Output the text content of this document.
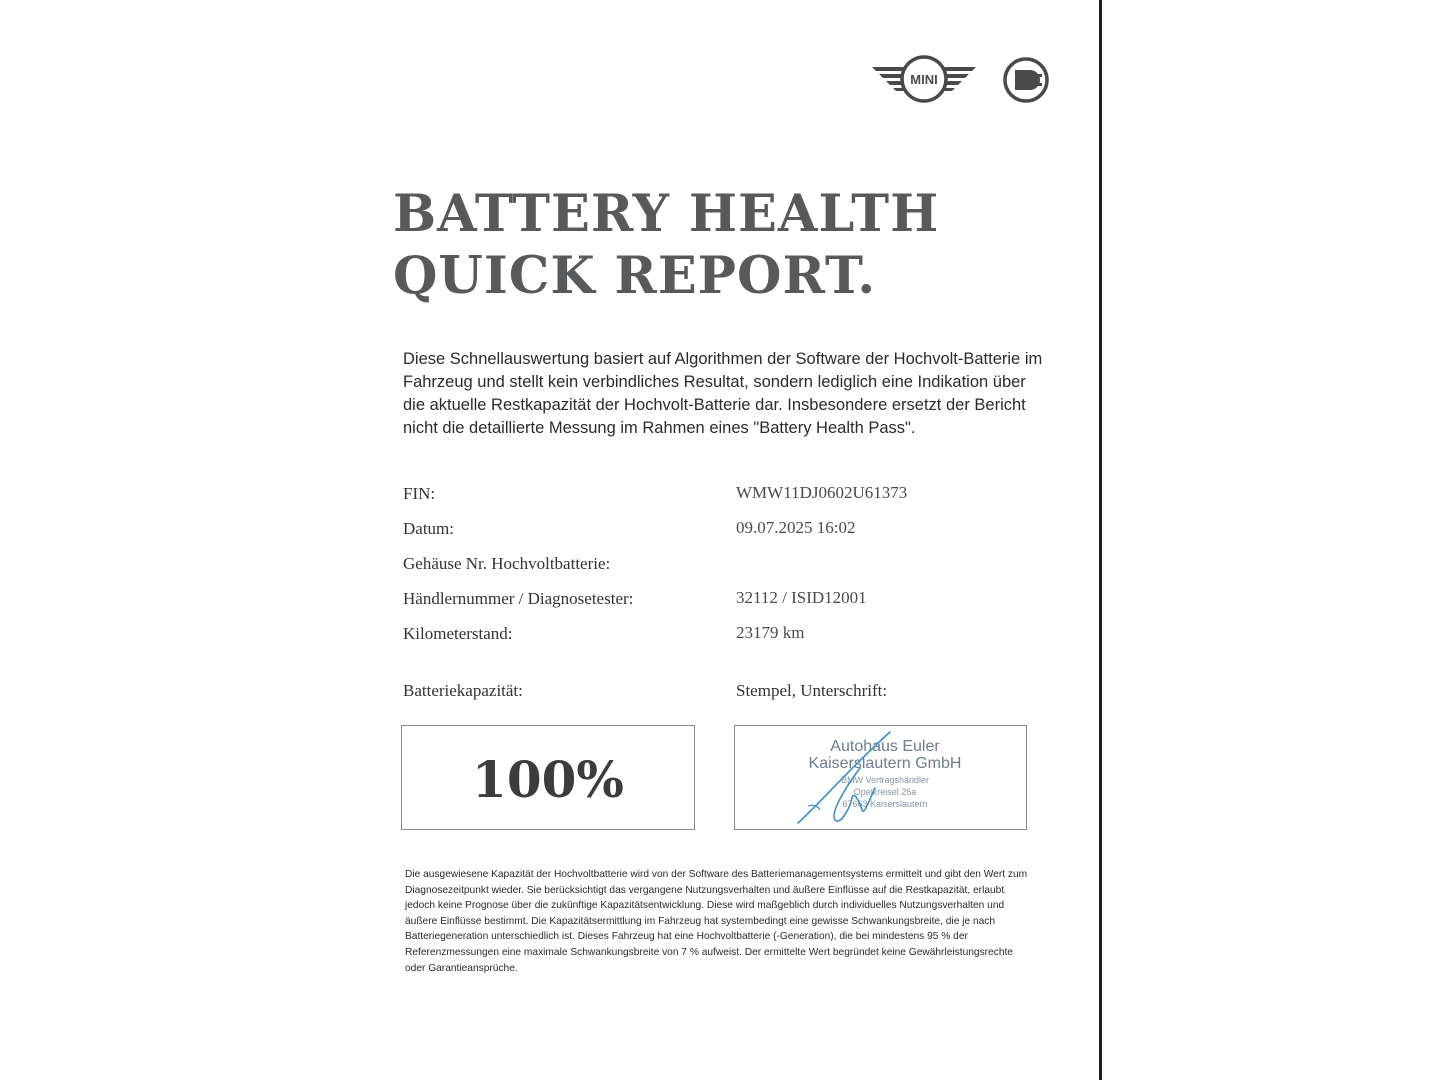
MINI
BATTERY HEALTH
QUICK REPORT.

Diese Schnellauswertung basiert auf Algorithmen der Software der Hochvolt-Batterie im Fahrzeug und stellt kein verbindliches Resultat, sondern lediglich eine Indikation über die aktuelle Restkapazität der Hochvolt-Batterie dar. Insbesondere ersetzt der Bericht nicht die detaillierte Messung im Rahmen eines "Battery Health Pass".

FIN:	WMW11DJ0602U61373
Datum:	09.07.2025 16:02
Gehäuse Nr. Hochvoltbatterie:
Händlernummer / Diagnosetester:	32112 / ISID12001
Kilometerstand:	23179 km
Batteriekapazität:	Stempel, Unterschrift:
100%
Autohaus Euler
Kaiserslautern GmbH
BMW Vertragshändler
Opelkreisel 26a
67663 Kaiserslautern

Die ausgewiesene Kapazität der Hochvoltbatterie wird von der Software des Batteriemanagementsystems ermittelt und gibt den Wert zum Diagnosezeitpunkt wieder. Sie berücksichtigt das vergangene Nutzungsverhalten und äußere Einflüsse auf die Restkapazität, erlaubt jedoch keine Prognose über die zukünftige Kapazitätsentwicklung. Diese wird maßgeblich durch individuelles Nutzungsverhalten und äußere Einflüsse bestimmt. Die Kapazitätsermittlung im Fahrzeug hat systembedingt eine gewisse Schwankungsbreite, die je nach Batteriegeneration unterschiedlich ist. Dieses Fahrzeug hat eine Hochvoltbatterie (-Generation), die bei mindestens 95 % der Referenzmessungen eine maximale Schwankungsbreite von 7 % aufweist. Der ermittelte Wert begründet keine Gewährleistungsrechte oder Garantieansprüche.
